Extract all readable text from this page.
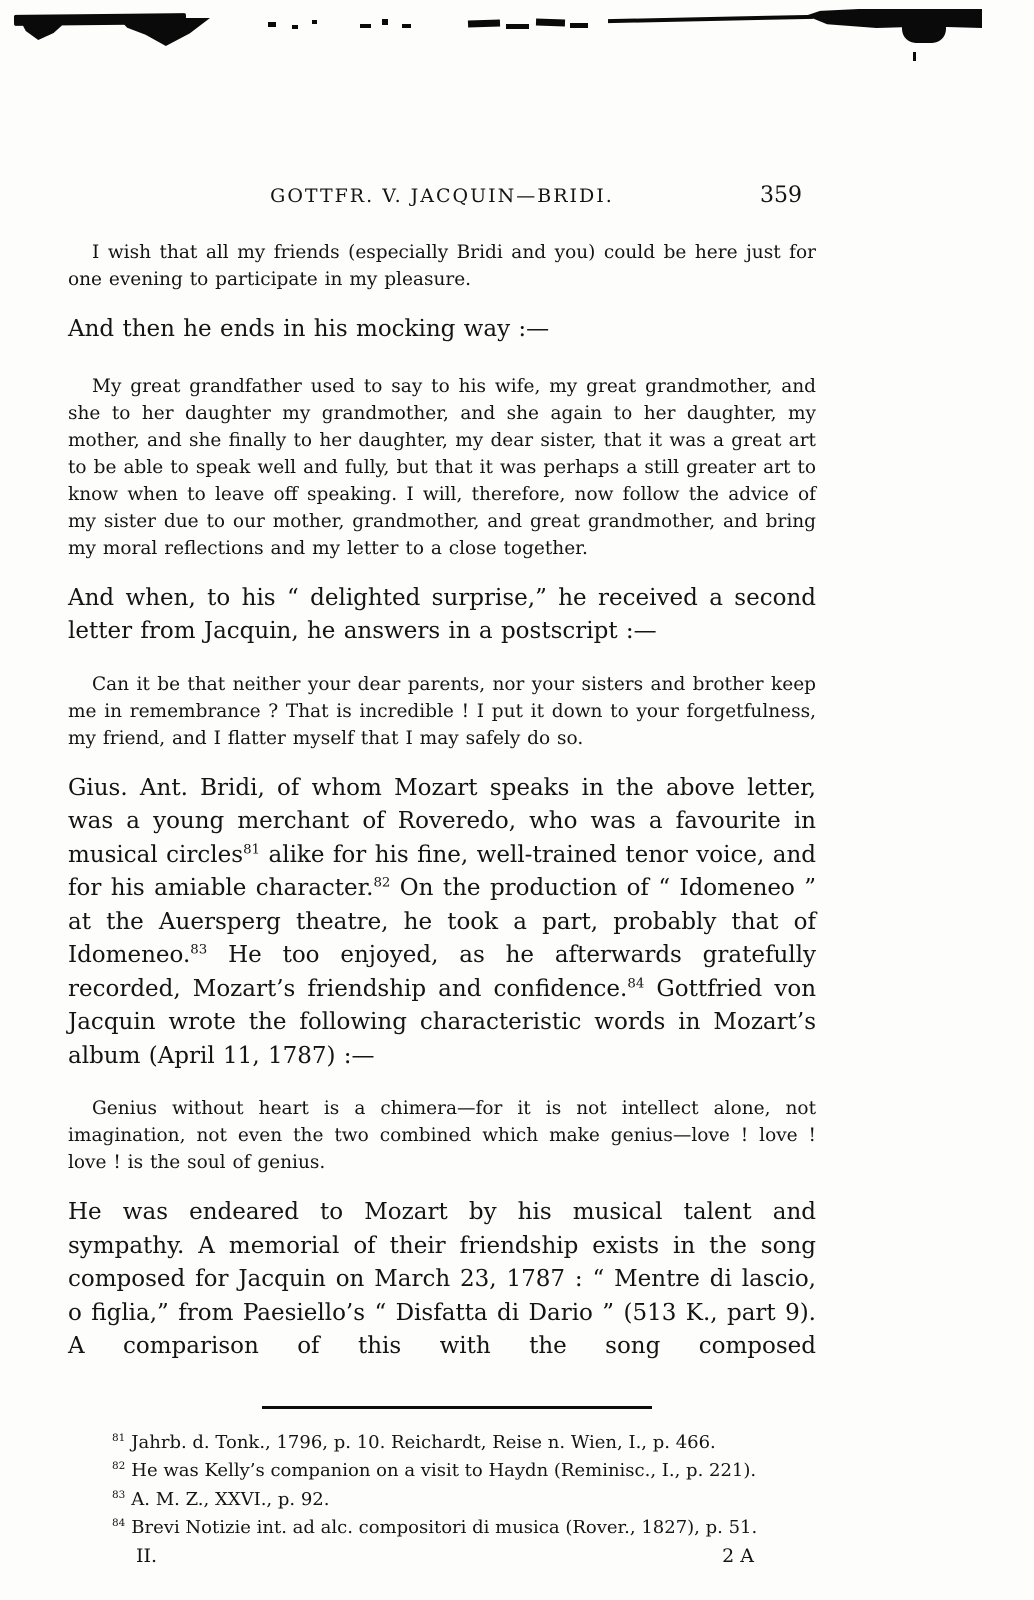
GOTTFR. V. JACQUIN—BRIDI.	359

I wish that all my friends (especially Bridi and you) could be here just for one evening to participate in my pleasure.

And then he ends in his mocking way :—

My great grandfather used to say to his wife, my great grandmother, and she to her daughter my grandmother, and she again to her daughter, my mother, and she finally to her daughter, my dear sister, that it was a great art to be able to speak well and fully, but that it was perhaps a still greater art to know when to leave off speaking. I will, therefore, now follow the advice of my sister due to our mother, grandmother, and great grandmother, and bring my moral reflections and my letter to a close together.

And when, to his “ delighted surprise,” he received a second letter from Jacquin, he answers in a postscript :—

Can it be that neither your dear parents, nor your sisters and brother keep me in remembrance ? That is incredible ! I put it down to your forgetfulness, my friend, and I flatter myself that I may safely do so.

Gius. Ant. Bridi, of whom Mozart speaks in the above letter, was a young merchant of Roveredo, who was a favourite in musical circles$^{81}$ alike for his fine, well-trained tenor voice, and for his amiable character.$^{82}$ On the production of “ Idomeneo ” at the Auersperg theatre, he took a part, probably that of Idomeneo.$^{83}$ He too enjoyed, as he afterwards gratefully recorded, Mozart’s friendship and confidence.$^{84}$ Gottfried von Jacquin wrote the following characteristic words in Mozart’s album (April 11, 1787) :—

Genius without heart is a chimera—for it is not intellect alone, not imagination, not even the two combined which make genius—love ! love ! love ! is the soul of genius.

He was endeared to Mozart by his musical talent and sympathy. A memorial of their friendship exists in the song composed for Jacquin on March 23, 1787 : “ Mentre di lascio, o figlia,” from Paesiello’s “ Disfatta di Dario ” (513 K., part 9). A comparison of this with the song composed

$^{81}$ Jahrb. d. Tonk., 1796, p. 10. Reichardt, Reise n. Wien, I., p. 466.

$^{82}$ He was Kelly’s companion on a visit to Haydn (Reminisc., I., p. 221).

$^{83}$ A. M. Z., XXVI., p. 92.

$^{84}$ Brevi Notizie int. ad alc. compositori di musica (Rover., 1827), p. 51.

II.	2 A
